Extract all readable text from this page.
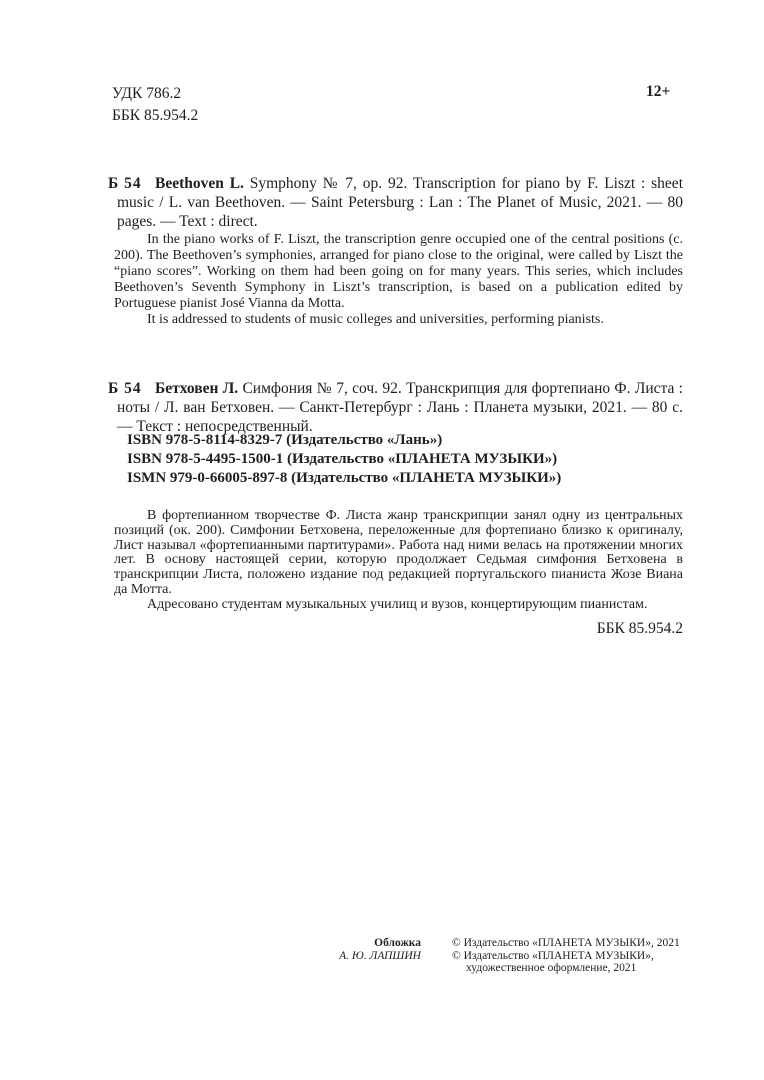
УДК 786.2
ББК 85.954.2
12+

Б 54 Beethoven L. Symphony № 7, op. 92. Transcription for piano by F. Liszt : sheet music / L. van Beethoven. — Saint Petersburg : Lan : The Planet of Music, 2021. — 80 pages. — Text : direct.

In the piano works of F. Liszt, the transcription genre occupied one of the central positions (c. 200). The Beethoven’s symphonies, arranged for piano close to the original, were called by Liszt the “piano scores”. Working on them had been going on for many years. This series, which includes Beethoven’s Seventh Symphony in Liszt’s transcription, is based on a publication edited by Portuguese pianist José Vianna da Motta.

It is addressed to students of music colleges and universities, performing pianists.

Б 54 Бетховен Л. Симфония № 7, соч. 92. Транскрипция для фортепиано Ф. Листа : ноты / Л. ван Бетховен. — Санкт-Петербург : Лань : Планета музыки, 2021. — 80 с. — Текст : непосредственный.

ISBN 978-5-8114-8329-7 (Издательство «Лань»)
ISBN 978-5-4495-1500-1 (Издательство «ПЛАНЕТА МУЗЫКИ»)
ISMN 979-0-66005-897-8 (Издательство «ПЛАНЕТА МУЗЫКИ»)

В фортепианном творчестве Ф. Листа жанр транскрипции занял одну из центральных позиций (ок. 200). Симфонии Бетховена, переложенные для фортепиано близко к оригиналу, Лист называл «фортепианными партитурами». Работа над ними велась на протяжении многих лет. В основу настоящей серии, которую продолжает Седьмая симфония Бетховена в транскрипции Листа, положено издание под редакцией португальского пианиста Жозе Виана да Мотта.

Адресовано студентам музыкальных училищ и вузов, концертирующим пианистам.

ББК 85.954.2
Обложка
А. Ю. ЛАПШИН
© Издательство «ПЛАНЕТА МУЗЫКИ», 2021
© Издательство «ПЛАНЕТА МУЗЫКИ»,
художественное оформление, 2021
